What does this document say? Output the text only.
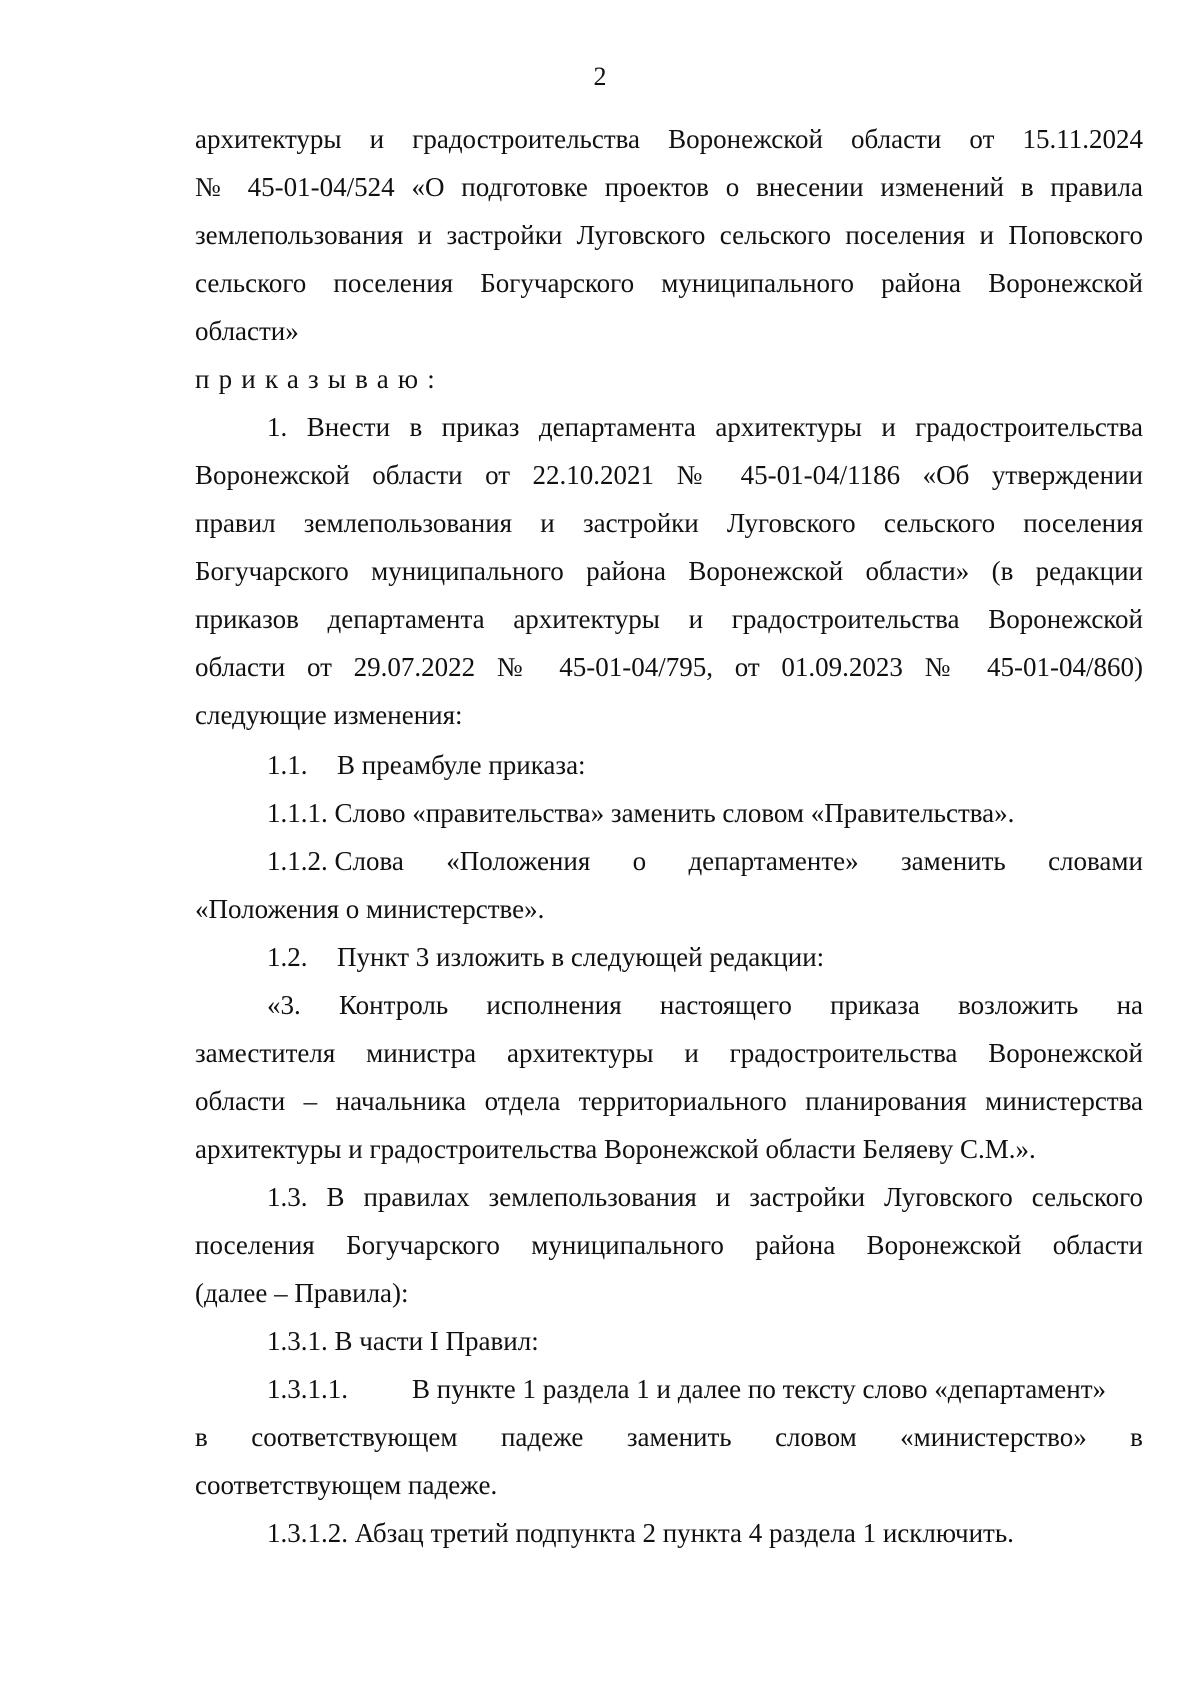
2

архитектуры и градостроительства Воронежской области от 15.11.2024

№ 45-01-04/524 «О подготовке проектов о внесении изменений в правила

землепользования и застройки Луговского сельского поселения и Поповского

сельского поселения Богучарского муниципального района Воронежской

области»

приказываю:

1. Внести в приказ департамента архитектуры и градостроительства

Воронежской области от 22.10.2021 № 45-01-04/1186 «Об утверждении

правил землепользования и застройки Луговского сельского поселения

Богучарского муниципального района Воронежской области» (в редакции

приказов департамента архитектуры и градостроительства Воронежской

области от 29.07.2022 № 45-01-04/795, от 01.09.2023 № 45-01-04/860)

следующие изменения:

1.1. В преамбуле приказа:

1.1.1. Слово «правительства» заменить словом «Правительства».

1.1.2. Слова «Положения о департаменте» заменить словами

«Положения о министерстве».

1.2. Пункт 3 изложить в следующей редакции:

«3. Контроль исполнения настоящего приказа возложить на

заместителя министра архитектуры и градостроительства Воронежской

области – начальника отдела территориального планирования министерства

архитектуры и градостроительства Воронежской области Беляеву С.М.».

1.3. В правилах землепользования и застройки Луговского сельского

поселения Богучарского муниципального района Воронежской области

(далее – Правила):

1.3.1. В части I Правил:

1.3.1.1. В пункте 1 раздела 1 и далее по тексту слово «департамент»

в соответствующем падеже заменить словом «министерство» в

соответствующем падеже.

1.3.1.2. Абзац третий подпункта 2 пункта 4 раздела 1 исключить.
